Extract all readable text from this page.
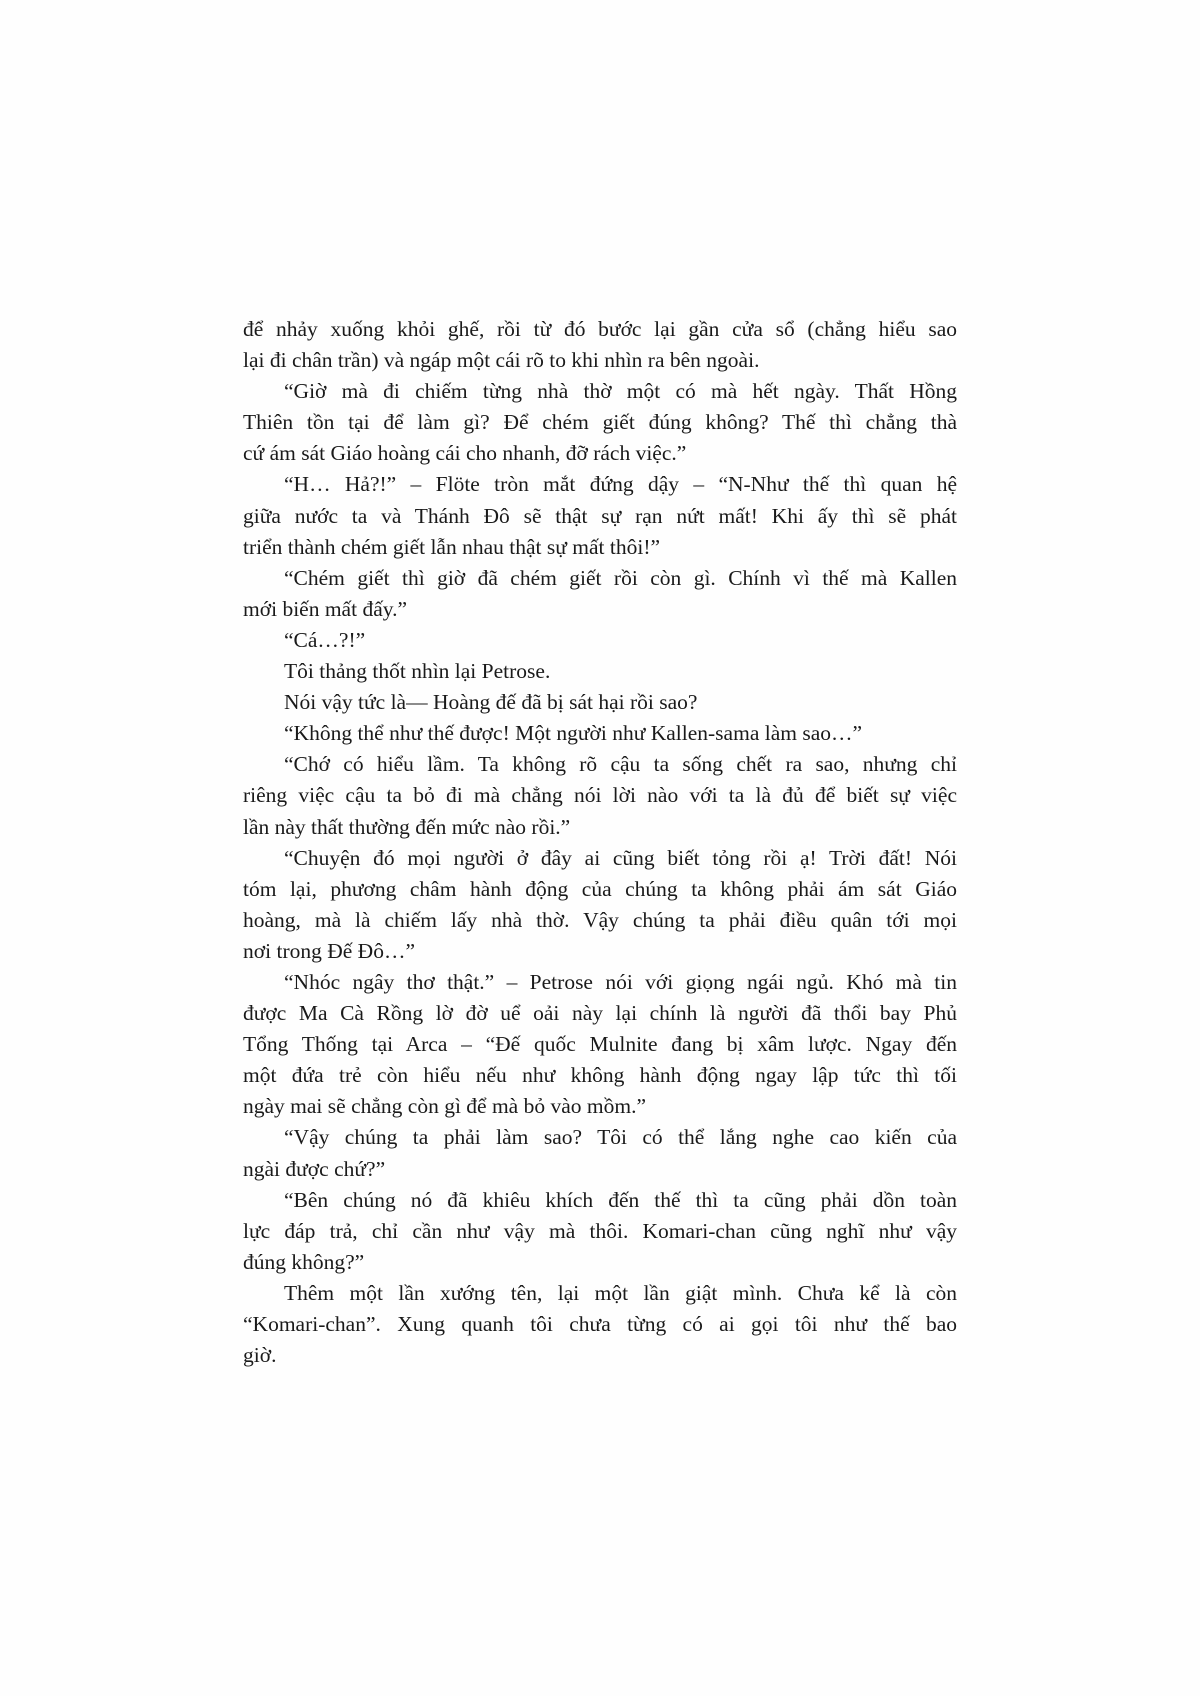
để nhảy xuống khỏi ghế, rồi từ đó bước lại gần cửa sổ (chẳng hiểu sao
lại đi chân trần) và ngáp một cái rõ to khi nhìn ra bên ngoài.
“Giờ mà đi chiếm từng nhà thờ một có mà hết ngày. Thất Hồng
Thiên tồn tại để làm gì? Để chém giết đúng không? Thế thì chẳng thà
cứ ám sát Giáo hoàng cái cho nhanh, đỡ rách việc.”
“H… Hả?!” – Flöte tròn mắt đứng dậy – “N-Như thế thì quan hệ
giữa nước ta và Thánh Đô sẽ thật sự rạn nứt mất! Khi ấy thì sẽ phát
triển thành chém giết lẫn nhau thật sự mất thôi!”
“Chém giết thì giờ đã chém giết rồi còn gì. Chính vì thế mà Kallen
mới biến mất đấy.”
“Cá…?!”
Tôi thảng thốt nhìn lại Petrose.
Nói vậy tức là— Hoàng đế đã bị sát hại rồi sao?
“Không thể như thế được! Một người như Kallen-sama làm sao…”
“Chớ có hiểu lầm. Ta không rõ cậu ta sống chết ra sao, nhưng chỉ
riêng việc cậu ta bỏ đi mà chẳng nói lời nào với ta là đủ để biết sự việc
lần này thất thường đến mức nào rồi.”
“Chuyện đó mọi người ở đây ai cũng biết tỏng rồi ạ! Trời đất! Nói
tóm lại, phương châm hành động của chúng ta không phải ám sát Giáo
hoàng, mà là chiếm lấy nhà thờ. Vậy chúng ta phải điều quân tới mọi
nơi trong Đế Đô…”
“Nhóc ngây thơ thật.” – Petrose nói với giọng ngái ngủ. Khó mà tin
được Ma Cà Rồng lờ đờ uể oải này lại chính là người đã thổi bay Phủ
Tổng Thống tại Arca – “Đế quốc Mulnite đang bị xâm lược. Ngay đến
một đứa trẻ còn hiểu nếu như không hành động ngay lập tức thì tối
ngày mai sẽ chẳng còn gì để mà bỏ vào mồm.”
“Vậy chúng ta phải làm sao? Tôi có thể lắng nghe cao kiến của
ngài được chứ?”
“Bên chúng nó đã khiêu khích đến thế thì ta cũng phải dồn toàn
lực đáp trả, chỉ cần như vậy mà thôi. Komari-chan cũng nghĩ như vậy
đúng không?”
Thêm một lần xướng tên, lại một lần giật mình. Chưa kể là còn
“Komari-chan”. Xung quanh tôi chưa từng có ai gọi tôi như thế bao
giờ.
